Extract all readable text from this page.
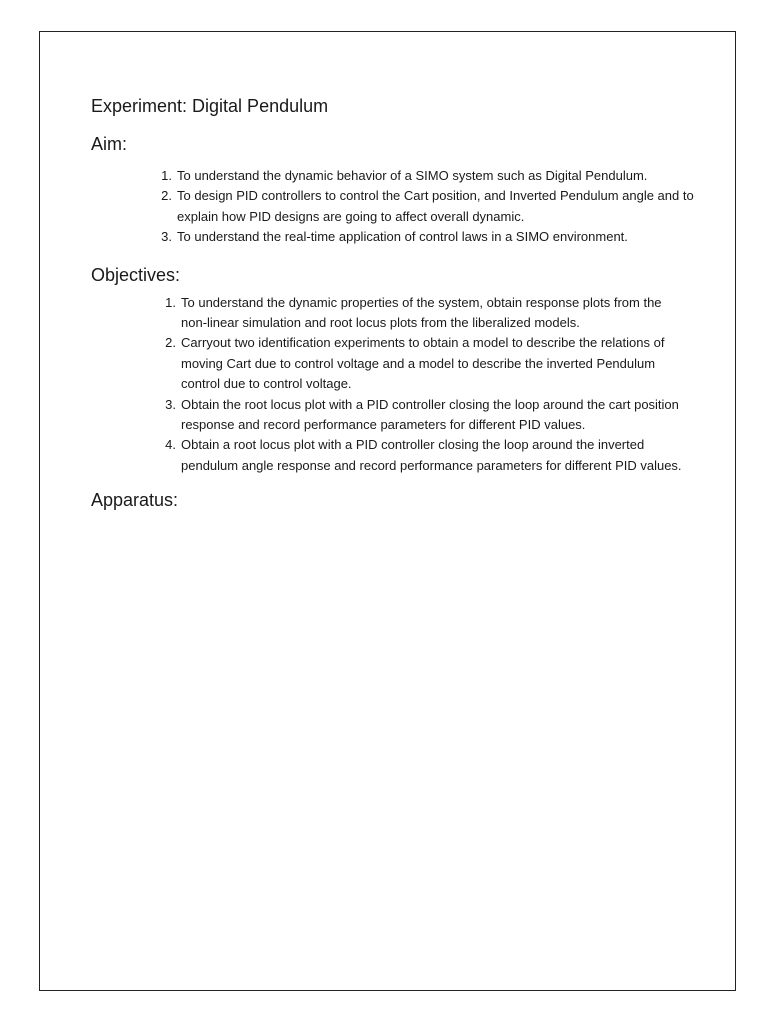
Experiment: Digital Pendulum
Aim:
1. To understand the dynamic behavior of a SIMO system such as Digital Pendulum.
2. To design PID controllers to control the Cart position, and Inverted Pendulum angle and to explain how PID designs are going to affect overall dynamic.
3. To understand the real-time application of control laws in a SIMO environment.
Objectives:
1. To understand the dynamic properties of the system, obtain response plots from the non-linear simulation and root locus plots from the liberalized models.
2. Carryout two identification experiments to obtain a model to describe the relations of moving Cart due to control voltage and a model to describe the inverted Pendulum control due to control voltage.
3. Obtain the root locus plot with a PID controller closing the loop around the cart position response and record performance parameters for different PID values.
4. Obtain a root locus plot with a PID controller closing the loop around the inverted pendulum angle response and record performance parameters for different PID values.
Apparatus:
